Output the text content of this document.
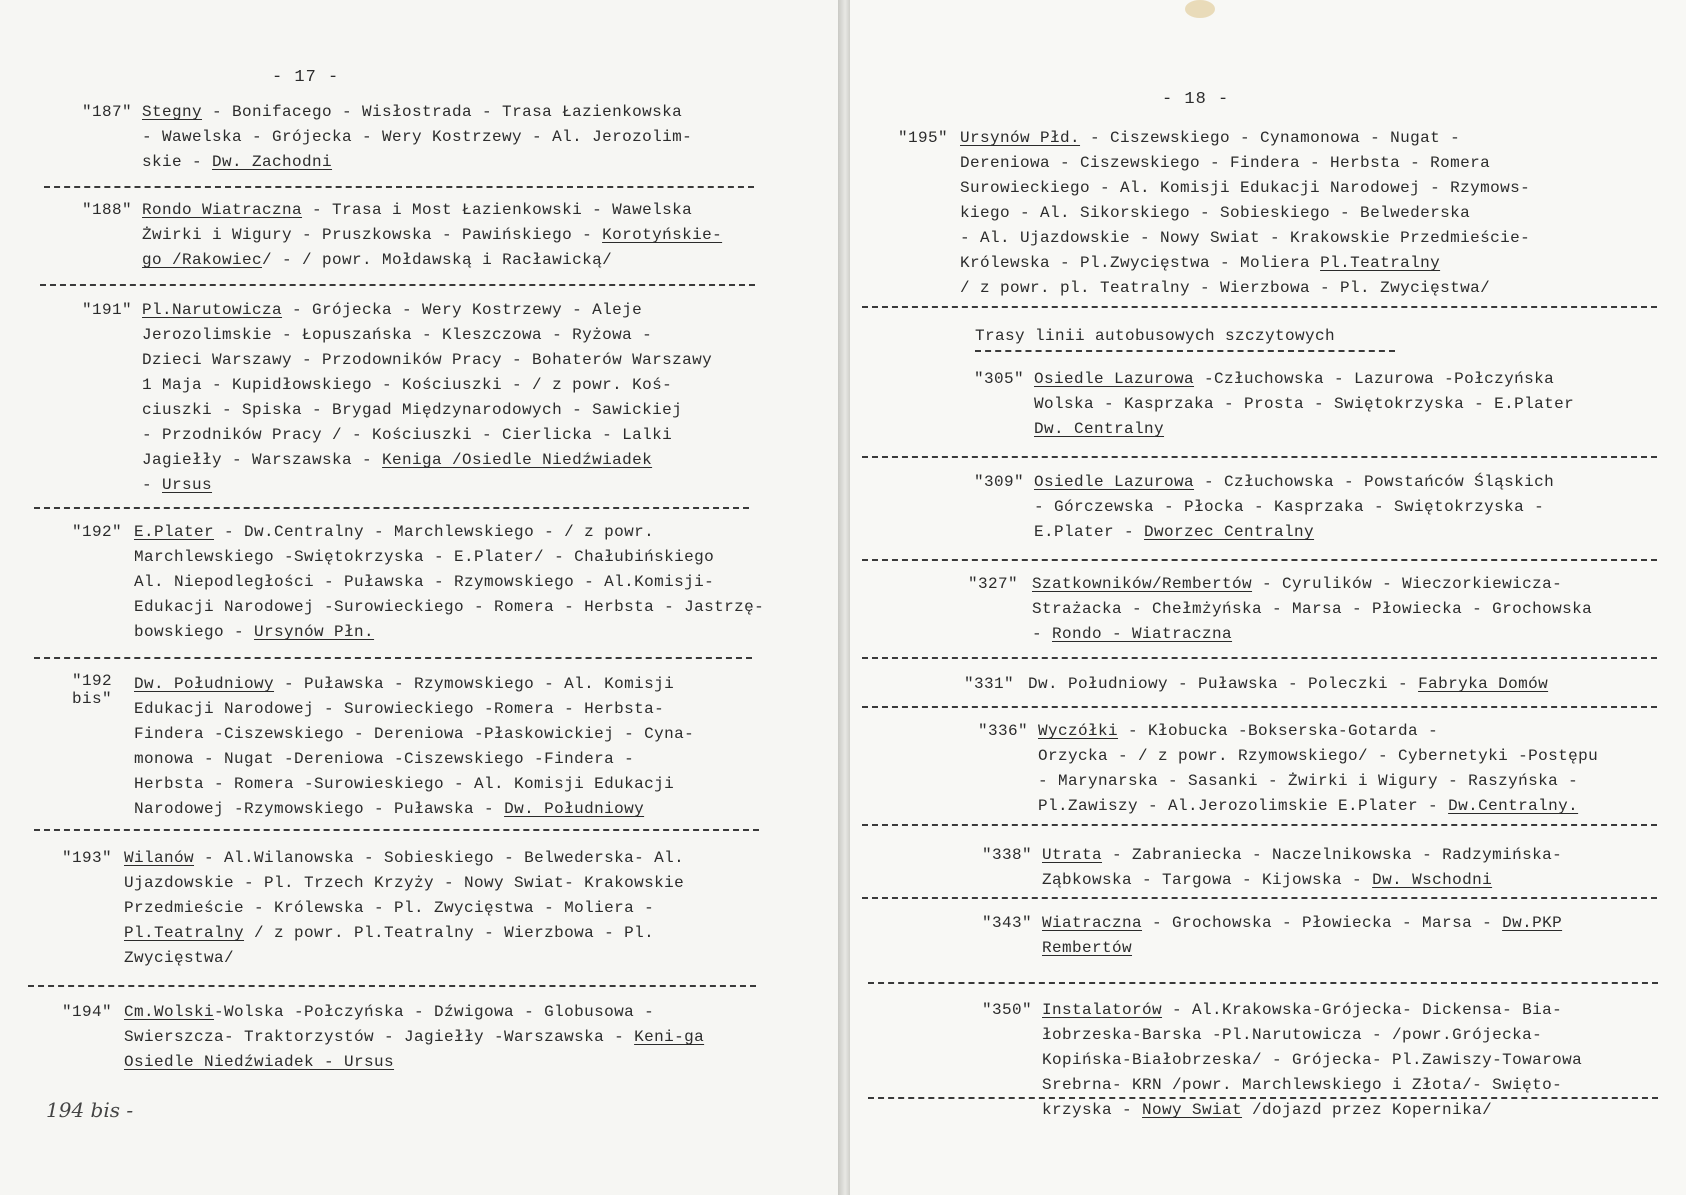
- 17 -
"187" Stegny - Bonifacego - Wisłostrada - Trasa Łazienkowska
- Wawelska - Grójecka - Wery Kostrzewy - Al. Jerozolim-
skie - Dw. Zachodni
"188" Rondo Wiatraczna - Trasa i Most Łazienkowski - Wawelska
Żwirki i Wigury - Pruszkowska - Pawińskiego - Korotyńskie-
go /Rakowiec/ - / powr. Mołdawską i Racławicką/
"191" Pl.Narutowicza - Grójecka - Wery Kostrzewy - Aleje
Jerozolimskie - Łopuszańska - Kleszczowa - Ryżowa -
Dzieci Warszawy - Przodowników Pracy - Bohaterów Warszawy
1 Maja - Kupidłowskiego - Kościuszki - / z powr. Koś-
ciuszki - Spiska - Brygad Międzynarodowych - Sawickiej
- Przodników Pracy / - Kościuszki - Cierlicka - Lalki
Jagiełły - Warszawska - Keniga /Osiedle Niedźwiadek
- Ursus
"192" E.Plater - Dw.Centralny - Marchlewskiego - / z powr.
Marchlewskiego -Swiętokrzyska - E.Plater/ - Chałubińskiego
Al. Niepodległości - Puławska - Rzymowskiego - Al.Komisji-
Edukacji Narodowej -Surowieckiego - Romera - Herbsta - Jastrzę-
bowskiego - Ursynów Płn.
"192
bis"
Dw. Południowy - Puławska - Rzymowskiego - Al. Komisji
Edukacji Narodowej - Surowieckiego -Romera - Herbsta-
Findera -Ciszewskiego - Dereniowa -Płaskowickiej - Cyna-
monowa - Nugat -Dereniowa -Ciszewskiego -Findera -
Herbsta - Romera -Surowieskiego - Al. Komisji Edukacji
Narodowej -Rzymowskiego - Puławska - Dw. Południowy
"193" Wilanów - Al.Wilanowska - Sobieskiego - Belwederska- Al.
Ujazdowskie - Pl. Trzech Krzyży - Nowy Swiat- Krakowskie
Przedmieście - Królewska - Pl. Zwycięstwa - Moliera -
Pl.Teatralny / z powr. Pl.Teatralny - Wierzbowa - Pl.
Zwycięstwa/
"194" Cm.Wolski-Wolska -Połczyńska - Dźwigowa - Globusowa -
Swierszcza- Traktorzystów - Jagiełły -Warszawska - Keni-ga
Osiedle Niedźwiadek - Ursus
194 bis -
- 18 -
"195" Ursynów Płd. - Ciszewskiego - Cynamonowa - Nugat -
Dereniowa - Ciszewskiego - Findera - Herbsta - Romera
Surowieckiego - Al. Komisji Edukacji Narodowej - Rzymows-
kiego - Al. Sikorskiego - Sobieskiego - Belwederska
- Al. Ujazdowskie - Nowy Swiat - Krakowskie Przedmieście-
Królewska - Pl.Zwycięstwa - Moliera Pl.Teatralny
/ z powr. pl. Teatralny - Wierzbowa - Pl. Zwycięstwa/
Trasy linii autobusowych szczytowych
"305" Osiedle Lazurowa -Człuchowska - Lazurowa -Połczyńska
Wolska - Kasprzaka - Prosta - Swiętokrzyska - E.Plater
Dw. Centralny
"309" Osiedle Lazurowa - Człuchowska - Powstańców Śląskich
- Górczewska - Płocka - Kasprzaka - Swiętokrzyska -
E.Plater - Dworzec Centralny
"327" Szatkowników/Rembertów - Cyrulików - Wieczorkiewicza-
Strażacka - Chełmżyńska - Marsa - Płowiecka - Grochowska
- Rondo - Wiatraczna
"331" Dw. Południowy - Puławska - Poleczki - Fabryka Domów
"336" Wyczółki - Kłobucka -Bokserska-Gotarda -
Orzycka - / z powr. Rzymowskiego/ - Cybernetyki -Postępu
- Marynarska - Sasanki - Żwirki i Wigury - Raszyńska -
Pl.Zawiszy - Al.Jerozolimskie E.Plater - Dw.Centralny.
"338" Utrata - Zabraniecka - Naczelnikowska - Radzymińska-
Ząbkowska - Targowa - Kijowska - Dw. Wschodni
"343" Wiatraczna - Grochowska - Płowiecka - Marsa - Dw.PKP
Rembertów
"350" Instalatorów - Al.Krakowska-Grójecka- Dickensa- Bia-
łobrzeska-Barska -Pl.Narutowicza - /powr.Grójecka-
Kopińska-Białobrzeska/ - Grójecka- Pl.Zawiszy-Towarowa
Srebrna- KRN /powr. Marchlewskiego i Złota/- Swięto-
krzyska - Nowy Swiat /dojazd przez Kopernika/
